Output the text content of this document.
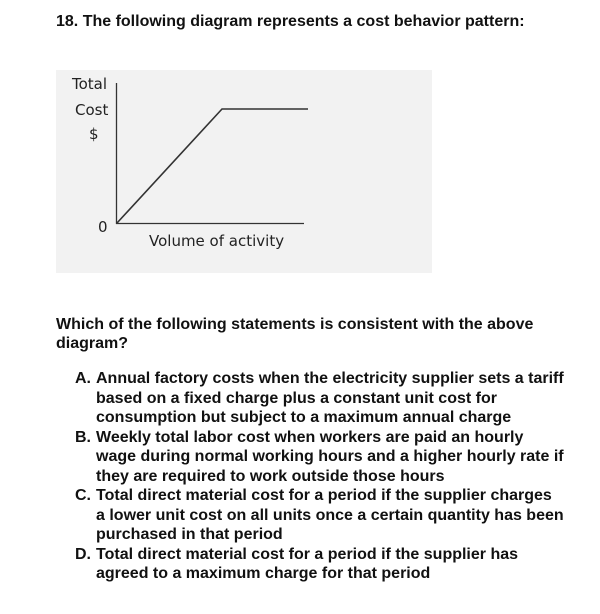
18. The following diagram represents a cost behavior pattern:

Total
Cost
$
0
Volume of activity

Which of the following statements is consistent with the above diagram?

A. Annual factory costs when the electricity supplier sets a tariff based on a fixed charge plus a constant unit cost for consumption but subject to a maximum annual charge
B. Weekly total labor cost when workers are paid an hourly wage during normal working hours and a higher hourly rate if they are required to work outside those hours
C. Total direct material cost for a period if the supplier charges a lower unit cost on all units once a certain quantity has been purchased in that period
D. Total direct material cost for a period if the supplier has agreed to a maximum charge for that period
